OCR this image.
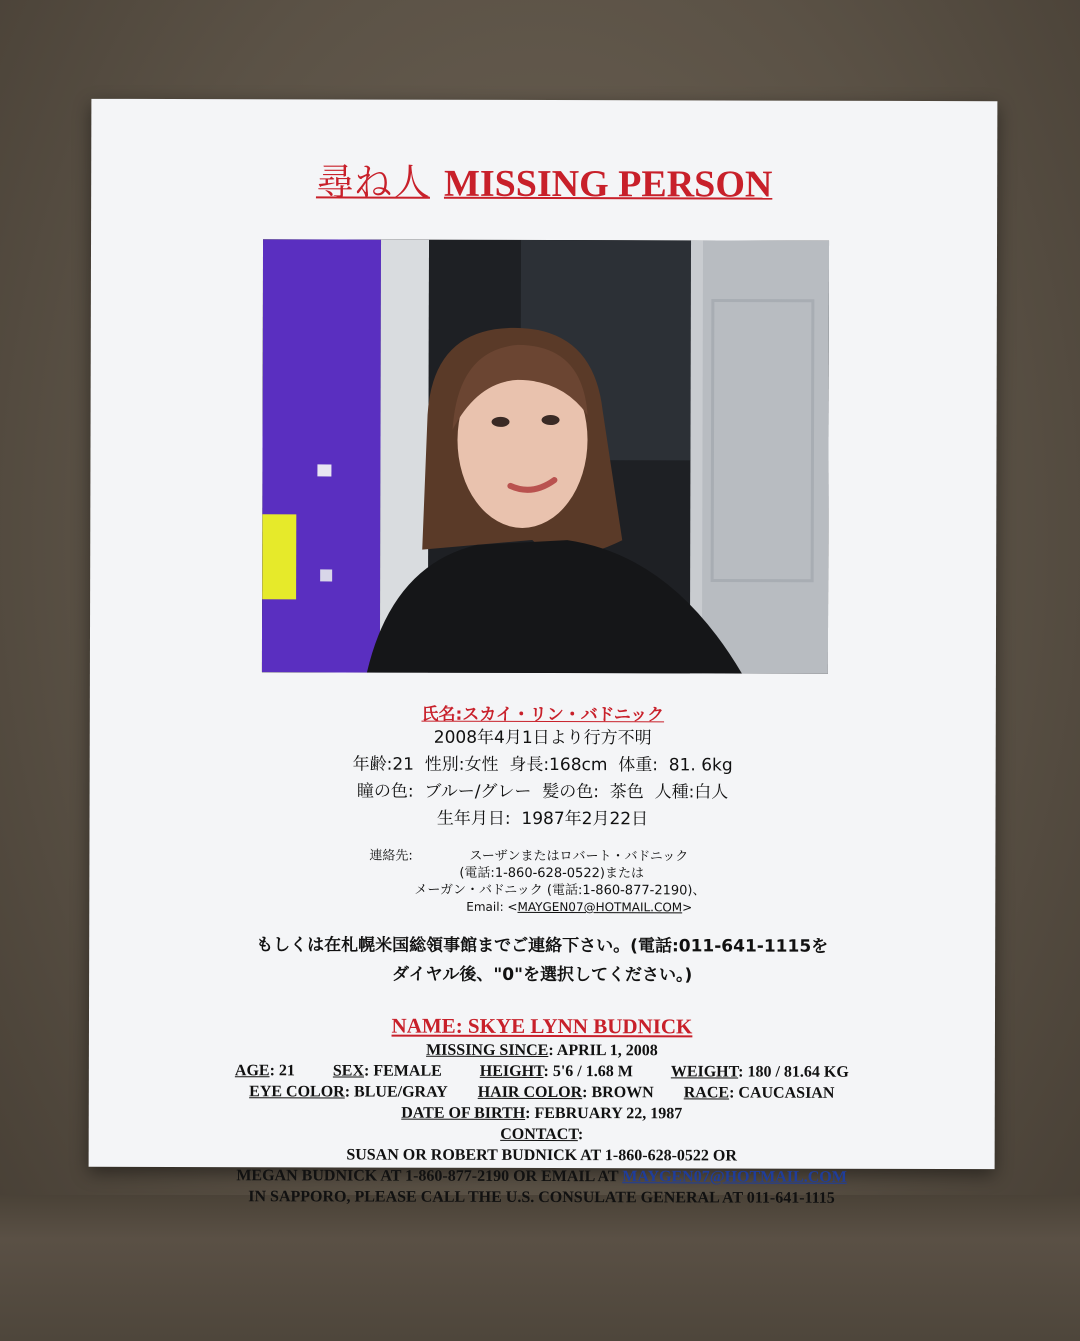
尋ね人 MISSING PERSON
氏名:スカイ・リン・バドニック
2008年4月1日より行方不明
年齢:21  性別:女性  身長:168cm  体重:  81. 6kg
瞳の色:  ブルー/グレー  髪の色:  茶色  人種:白人
生年月日:  1987年2月22日
連絡先:	スーザンまたはロバート・バドニック
(電話:1-860-628-0522)または
メーガン・バドニック (電話:1-860-877-2190)、
Email: <MAYGEN07@HOTMAIL.COM>
もしくは在札幌米国総領事館までご連絡下さい。(電話:011-641-1115を
ダイヤル後、"0"を選択してください。)
NAME: SKYE LYNN BUDNICK
MISSING SINCE: APRIL 1, 2008
AGE: 21 SEX: FEMALE HEIGHT: 5'6 / 1.68 M WEIGHT: 180 / 81.64 KG
EYE COLOR: BLUE/GRAY HAIR COLOR: BROWN RACE: CAUCASIAN
DATE OF BIRTH: FEBRUARY 22, 1987
CONTACT:
SUSAN OR ROBERT BUDNICK AT 1-860-628-0522 OR
MEGAN BUDNICK AT 1-860-877-2190 OR EMAIL AT MAYGEN07@HOTMAIL.COM
IN SAPPORO, PLEASE CALL THE U.S. CONSULATE GENERAL AT 011-641-1115
